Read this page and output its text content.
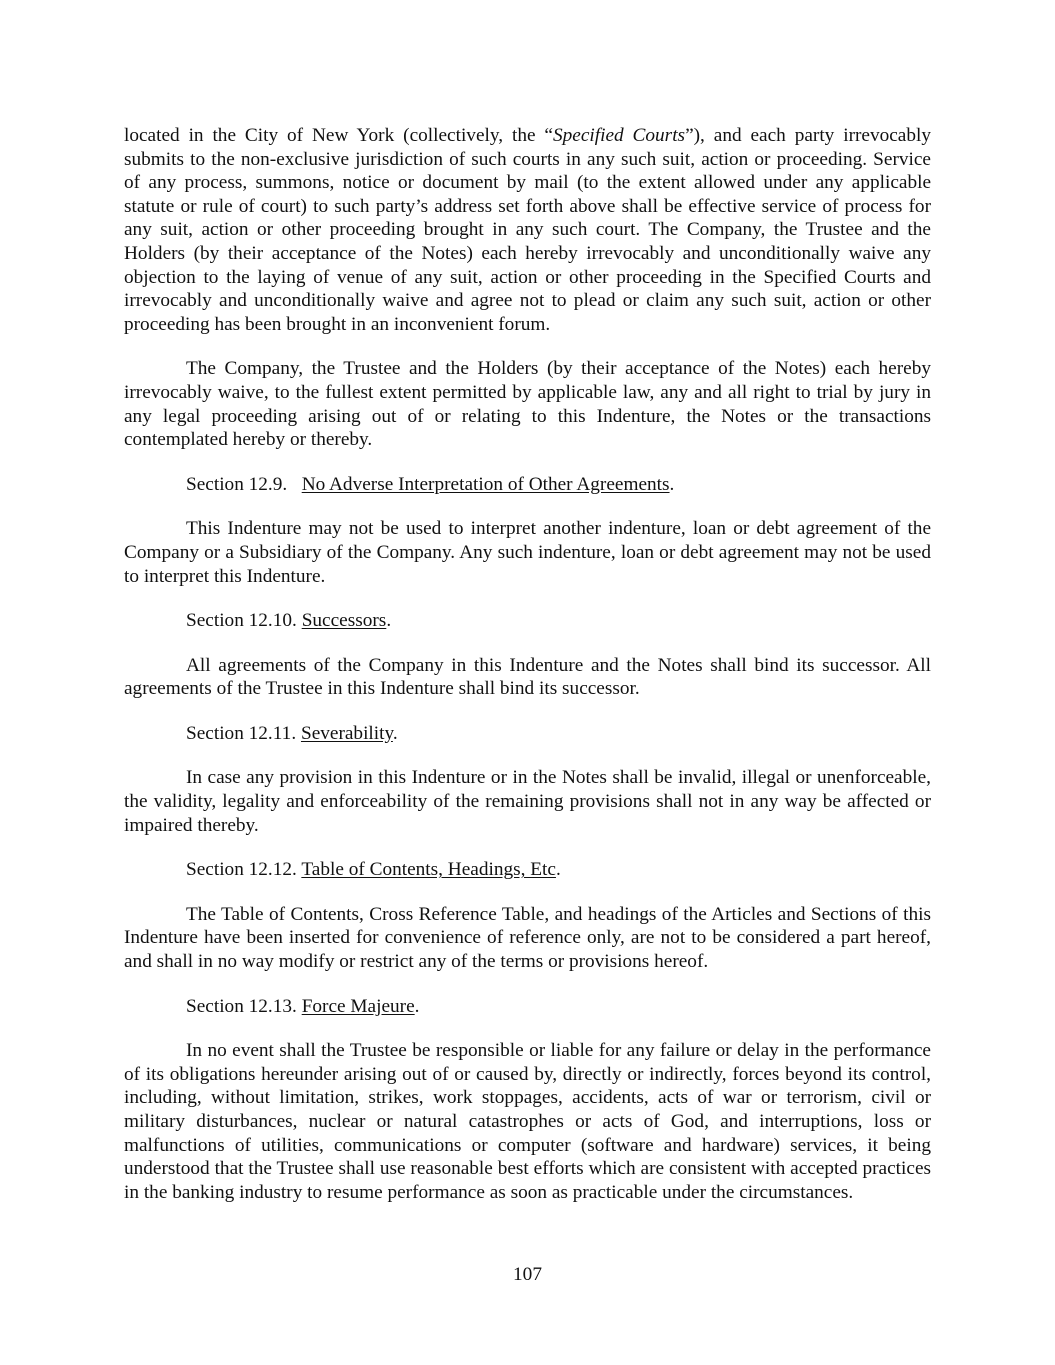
located in the City of New York (collectively, the “Specified Courts”), and each party irrevocably submits to the non-exclusive jurisdiction of such courts in any such suit, action or proceeding. Service of any process, summons, notice or document by mail (to the extent allowed under any applicable statute or rule of court) to such party’s address set forth above shall be effective service of process for any suit, action or other proceeding brought in any such court. The Company, the Trustee and the Holders (by their acceptance of the Notes) each hereby irrevocably and unconditionally waive any objection to the laying of venue of any suit, action or other proceeding in the Specified Courts and irrevocably and unconditionally waive and agree not to plead or claim any such suit, action or other proceeding has been brought in an inconvenient forum.

The Company, the Trustee and the Holders (by their acceptance of the Notes) each hereby irrevocably waive, to the fullest extent permitted by applicable law, any and all right to trial by jury in any legal proceeding arising out of or relating to this Indenture, the Notes or the transactions contemplated hereby or thereby.

Section 12.9.   No Adverse Interpretation of Other Agreements.

This Indenture may not be used to interpret another indenture, loan or debt agreement of the Company or a Subsidiary of the Company. Any such indenture, loan or debt agreement may not be used to interpret this Indenture.

Section 12.10. Successors.

All agreements of the Company in this Indenture and the Notes shall bind its successor. All agreements of the Trustee in this Indenture shall bind its successor.

Section 12.11. Severability.

In case any provision in this Indenture or in the Notes shall be invalid, illegal or unenforceable, the validity, legality and enforceability of the remaining provisions shall not in any way be affected or impaired thereby.

Section 12.12. Table of Contents, Headings, Etc.

The Table of Contents, Cross Reference Table, and headings of the Articles and Sections of this Indenture have been inserted for convenience of reference only, are not to be considered a part hereof, and shall in no way modify or restrict any of the terms or provisions hereof.

Section 12.13. Force Majeure.

In no event shall the Trustee be responsible or liable for any failure or delay in the performance of its obligations hereunder arising out of or caused by, directly or indirectly, forces beyond its control, including, without limitation, strikes, work stoppages, accidents, acts of war or terrorism, civil or military disturbances, nuclear or natural catastrophes or acts of God, and interruptions, loss or malfunctions of utilities, communications or computer (software and hardware) services, it being understood that the Trustee shall use reasonable best efforts which are consistent with accepted practices in the banking industry to resume performance as soon as practicable under the circumstances.

107
